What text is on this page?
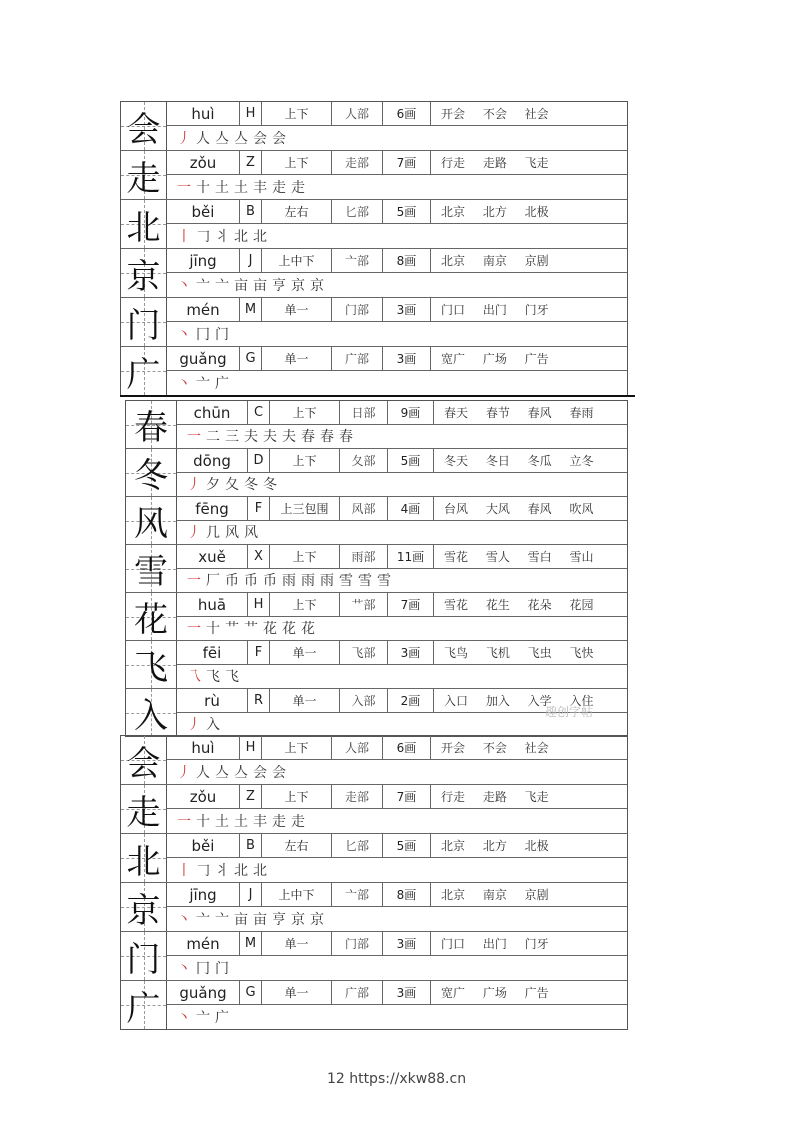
会	huì	H	上下	人部	6画	开会 不会 社会
丿 人 亼 亼 会 会
走	zǒu	Z	上下	走部	7画	行走 走路 飞走
一 十 土 土 丰 走 走
北	běi	B	左右	匕部	5画	北京 北方 北极
丨 𠃌 丬 北 北
京	jīng	J	上中下	亠部	8画	北京 南京 京剧
丶 亠 亠 亩 亩 亨 京 京
门	mén	M	单一	门部	3画	门口 出门 门牙
丶 冂 门
广	guǎng	G	单一	广部	3画	宽广 广场 广告
丶 亠 广
春	chūn	C	上下	日部	9画	春天 春节 春风 春雨
一 二 三 夫 夫 夫 春 春 春
冬	dōng	D	上下	夂部	5画	冬天 冬日 冬瓜 立冬
丿 夕 夂 冬 冬
风	fēng	F	上三包围	风部	4画	台风 大风 春风 吹风
丿 几 风 风
雪	xuě	X	上下	雨部	11画	雪花 雪人 雪白 雪山
一 厂 币 币 币 雨 雨 雨 雪 雪 雪
花	huā	H	上下	艹部	7画	雪花 花生 花朵 花园
一 十 艹 艹 花 花 花
飞	fēi	F	单一	飞部	3画	飞鸟 飞机 飞虫 飞快
乁 飞 飞
入	rù	R	单一	入部	2画	入口 加入 入学 入住
丿 入
趣创字帖
会	huì	H	上下	人部	6画	开会 不会 社会
丿 人 亼 亼 会 会
走	zǒu	Z	上下	走部	7画	行走 走路 飞走
一 十 土 土 丰 走 走
北	běi	B	左右	匕部	5画	北京 北方 北极
丨 𠃌 丬 北 北
京	jīng	J	上中下	亠部	8画	北京 南京 京剧
丶 亠 亠 亩 亩 亨 京 京
门	mén	M	单一	门部	3画	门口 出门 门牙
丶 冂 门
广	guǎng	G	单一	广部	3画	宽广 广场 广告
丶 亠 广
12 https://xkw88.cn
